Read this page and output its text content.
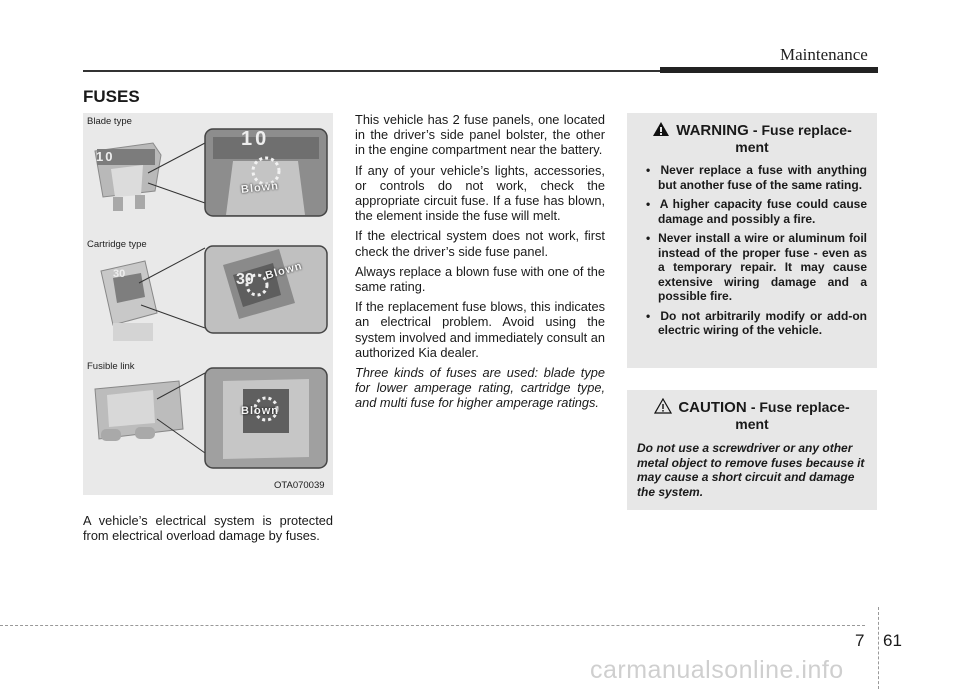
Maintenance
FUSES
Blade type
Cartridge type
Fusible link
10
10
30
30
Blown
Blown
Blown
OTA070039
A vehicle’s electrical system is protected from electrical overload damage by fuses.

This vehicle has 2 fuse panels, one located in the driver’s side panel bolster, the other in the engine compartment near the battery.

If any of your vehicle’s lights, accessories, or controls do not work, check the appropriate circuit fuse. If a fuse has blown, the element inside the fuse will melt.

If the electrical system does not work, first check the driver’s side fuse panel.

Always replace a blown fuse with one of the same rating.

If the replacement fuse blows, this indicates an electrical problem. Avoid using the system involved and immediately consult an authorized Kia dealer.

Three kinds of fuses are used: blade type for lower amperage rating, cartridge type, and multi fuse for higher amperage ratings.

WARNING - Fuse replace-
ment
•  Never replace a fuse with anything but another fuse of the same rating.
•  A higher capacity fuse could cause damage and possibly a fire.
•  Never install a wire or aluminum foil instead of the proper fuse - even as a temporary repair. It may cause extensive wiring damage and a possible fire.
•  Do not arbitrarily modify or add-on electric wiring of the vehicle.
CAUTION - Fuse replace-
ment
Do not use a screwdriver or any other metal object to remove fuses because it may cause a short circuit and damage the system.
7 61
carmanualsonline.info
